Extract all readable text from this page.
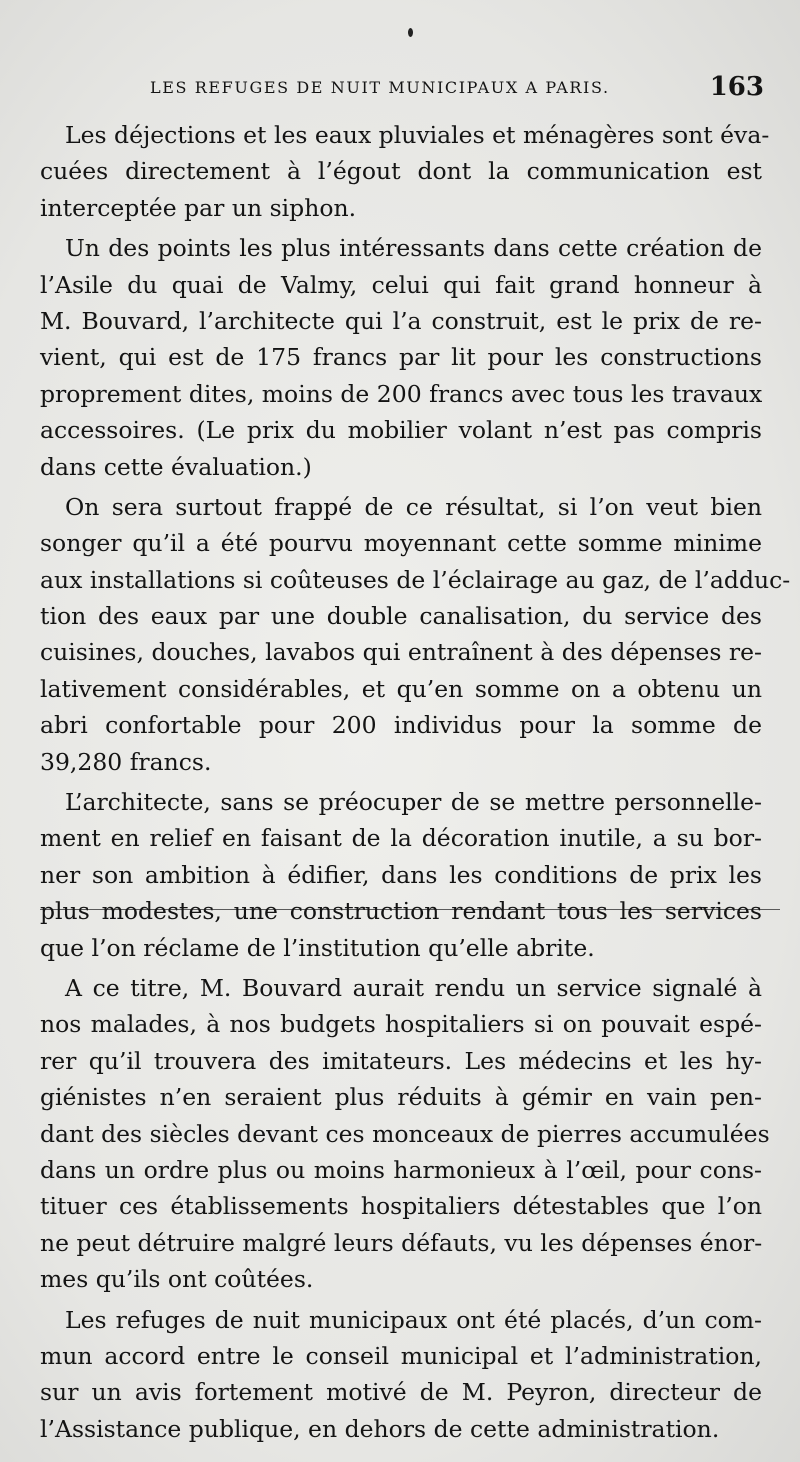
LES REFUGES DE NUIT MUNICIPAUX A PARIS.	163
Les déjections et les eaux pluviales et ménagères sont éva-
cuées directement à l’égout dont la communication est
interceptée par un siphon.
Un des points les plus intéressants dans cette création de
l’Asile du quai de Valmy, celui qui fait grand honneur à
M. Bouvard, l’architecte qui l’a construit, est le prix de re-
vient, qui est de 175 francs par lit pour les constructions
proprement dites, moins de 200 francs avec tous les travaux
accessoires. (Le prix du mobilier volant n’est pas compris
dans cette évaluation.)
On sera surtout frappé de ce résultat, si l’on veut bien
songer qu’il a été pourvu moyennant cette somme minime
aux installations si coûteuses de l’éclairage au gaz, de l’adduc-
tion des eaux par une double canalisation, du service des
cuisines, douches, lavabos qui entraînent à des dépenses re-
lativement considérables, et qu’en somme on a obtenu un
abri confortable pour 200 individus pour la somme de
39,280 francs.
L’architecte, sans se préocuper de se mettre personnelle-
ment en relief en faisant de la décoration inutile, a su bor-
ner son ambition à édifier, dans les conditions de prix les
plus modestes, une construction rendant tous les services
que l’on réclame de l’institution qu’elle abrite.
A ce titre, M. Bouvard aurait rendu un service signalé à
nos malades, à nos budgets hospitaliers si on pouvait espé-
rer qu’il trouvera des imitateurs. Les médecins et les hy-
giénistes n’en seraient plus réduits à gémir en vain pen-
dant des siècles devant ces monceaux de pierres accumulées
dans un ordre plus ou moins harmonieux à l’œil, pour cons-
tituer ces établissements hospitaliers détestables que l’on
ne peut détruire malgré leurs défauts, vu les dépenses énor-
mes qu’ils ont coûtées.
Les refuges de nuit municipaux ont été placés, d’un com-
mun accord entre le conseil municipal et l’administration,
sur un avis fortement motivé de M. Peyron, directeur de
l’Assistance publique, en dehors de cette administration.
